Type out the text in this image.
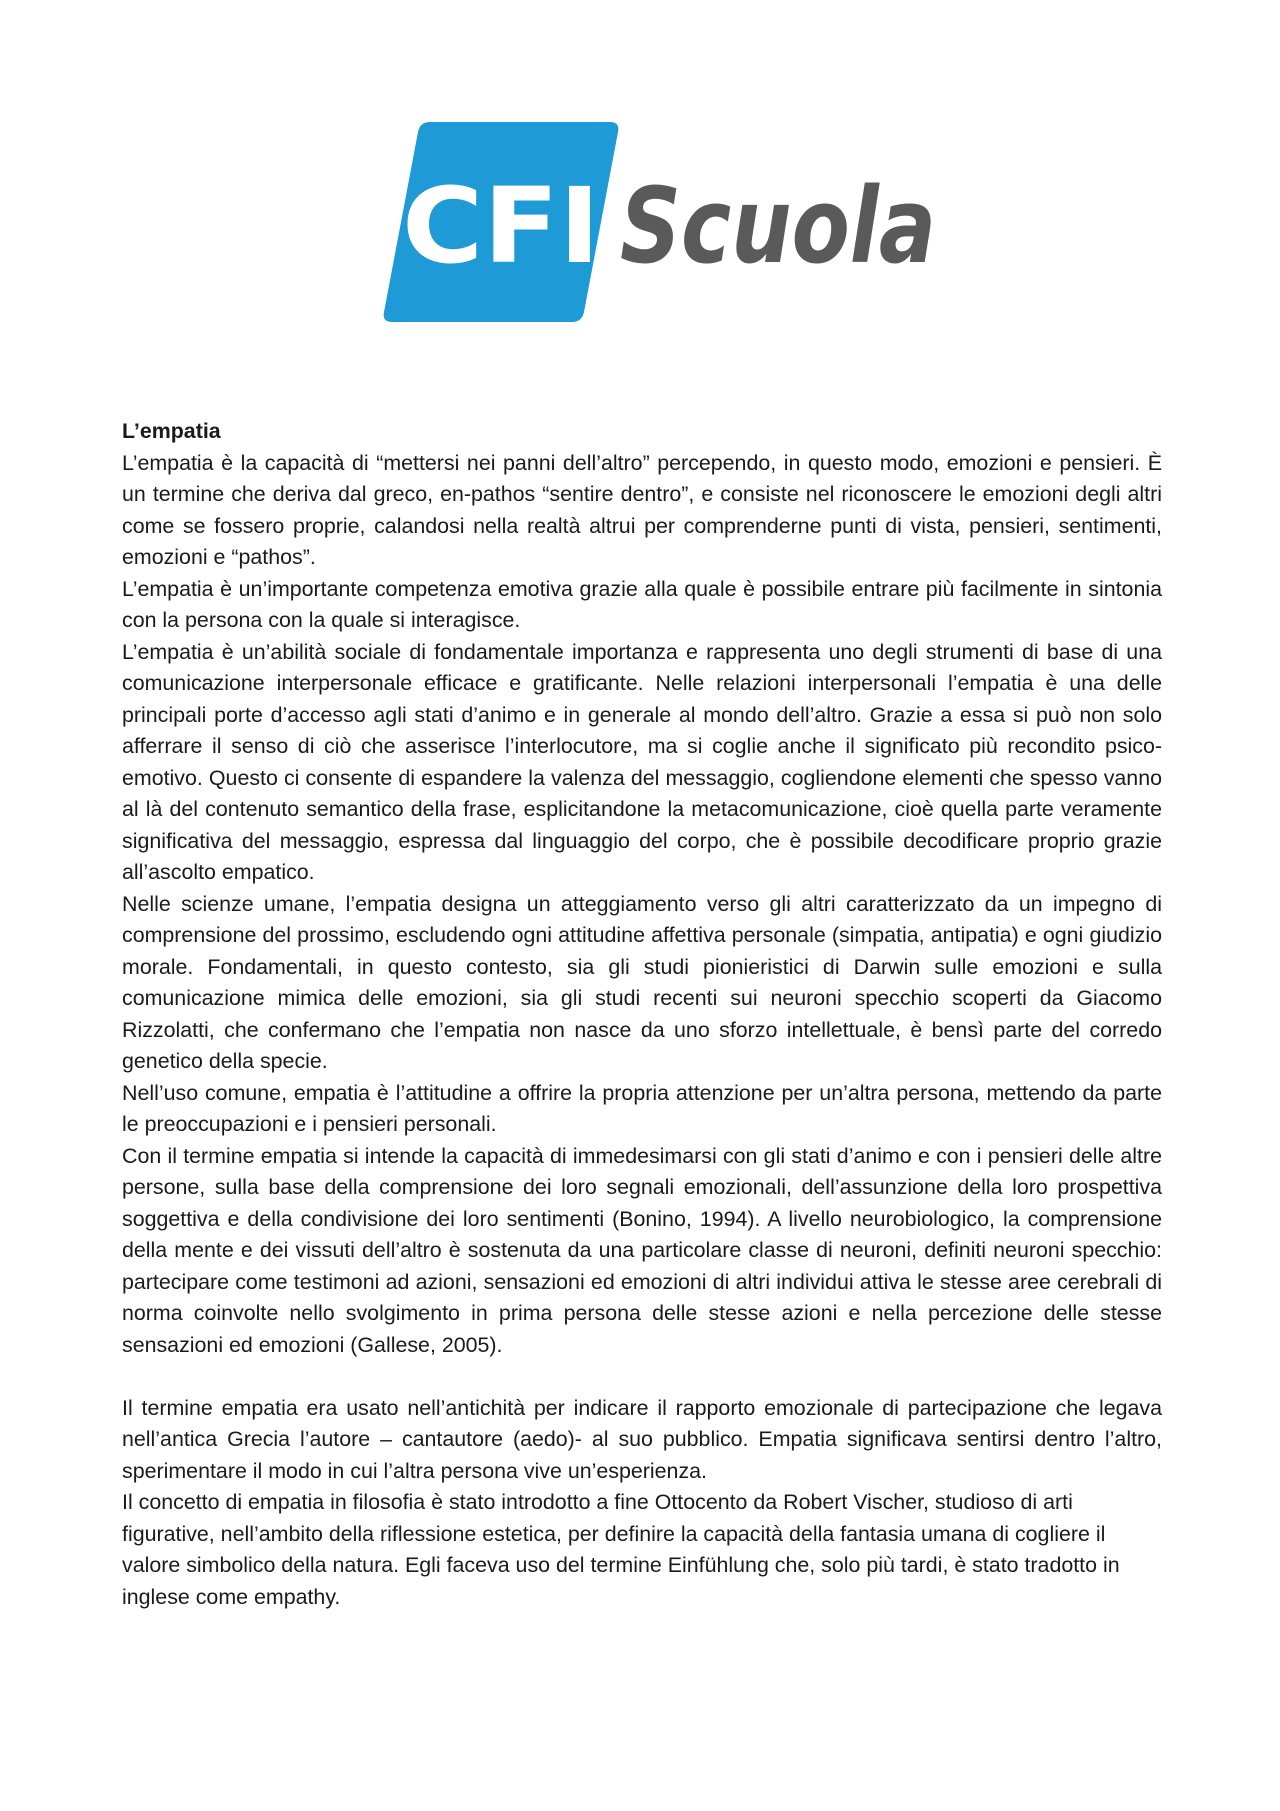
CFI Scuola

L’empatia

L’empatia è la capacità di “mettersi nei panni dell’altro” percependo, in questo modo, emozioni e pensieri. È un termine che deriva dal greco, en-pathos “sentire dentro”, e consiste nel riconoscere le emozioni degli altri come se fossero proprie, calandosi nella realtà altrui per comprenderne punti di vista, pensieri, sentimenti, emozioni e “pathos”.

L’empatia è un’importante competenza emotiva grazie alla quale è possibile entrare più facilmente in sintonia con la persona con la quale si interagisce.

L’empatia è un’abilità sociale di fondamentale importanza e rappresenta uno degli strumenti di base di una comunicazione interpersonale efficace e gratificante. Nelle relazioni interpersonali l’empatia è una delle principali porte d’accesso agli stati d’animo e in generale al mondo dell’altro. Grazie a essa si può non solo afferrare il senso di ciò che asserisce l’interlocutore, ma si coglie anche il significato più recondito psico-emotivo. Questo ci consente di espandere la valenza del messaggio, cogliendone elementi che spesso vanno al là del contenuto semantico della frase, esplicitandone la metacomunicazione, cioè quella parte veramente significativa del messaggio, espressa dal linguaggio del corpo, che è possibile decodificare proprio grazie all’ascolto empatico.

Nelle scienze umane, l’empatia designa un atteggiamento verso gli altri caratterizzato da un impegno di comprensione del prossimo, escludendo ogni attitudine affettiva personale (simpatia, antipatia) e ogni giudizio morale. Fondamentali, in questo contesto, sia gli studi pionieristici di Darwin sulle emozioni e sulla comunicazione mimica delle emozioni, sia gli studi recenti sui neuroni specchio scoperti da Giacomo Rizzolatti, che confermano che l’empatia non nasce da uno sforzo intellettuale, è bensì parte del corredo genetico della specie.

Nell’uso comune, empatia è l’attitudine a offrire la propria attenzione per un’altra persona, mettendo da parte le preoccupazioni e i pensieri personali.

Con il termine empatia si intende la capacità di immedesimarsi con gli stati d’animo e con i pensieri delle altre persone, sulla base della comprensione dei loro segnali emozionali, dell’assunzione della loro prospettiva soggettiva e della condivisione dei loro sentimenti (Bonino, 1994). A livello neurobiologico, la comprensione della mente e dei vissuti dell’altro è sostenuta da una particolare classe di neuroni, definiti neuroni specchio: partecipare come testimoni ad azioni, sensazioni ed emozioni di altri individui attiva le stesse aree cerebrali di norma coinvolte nello svolgimento in prima persona delle stesse azioni e nella percezione delle stesse sensazioni ed emozioni (Gallese, 2005).

Il termine empatia era usato nell’antichità per indicare il rapporto emozionale di partecipazione che legava nell’antica Grecia l’autore – cantautore (aedo)- al suo pubblico. Empatia significava sentirsi dentro l’altro, sperimentare il modo in cui l’altra persona vive un’esperienza.

Il concetto di empatia in filosofia è stato introdotto a fine Ottocento da Robert Vischer, studioso di arti figurative, nell’ambito della riflessione estetica, per definire la capacità della fantasia umana di cogliere il valore simbolico della natura. Egli faceva uso del termine Einfühlung che, solo più tardi, è stato tradotto in inglese come empathy.
